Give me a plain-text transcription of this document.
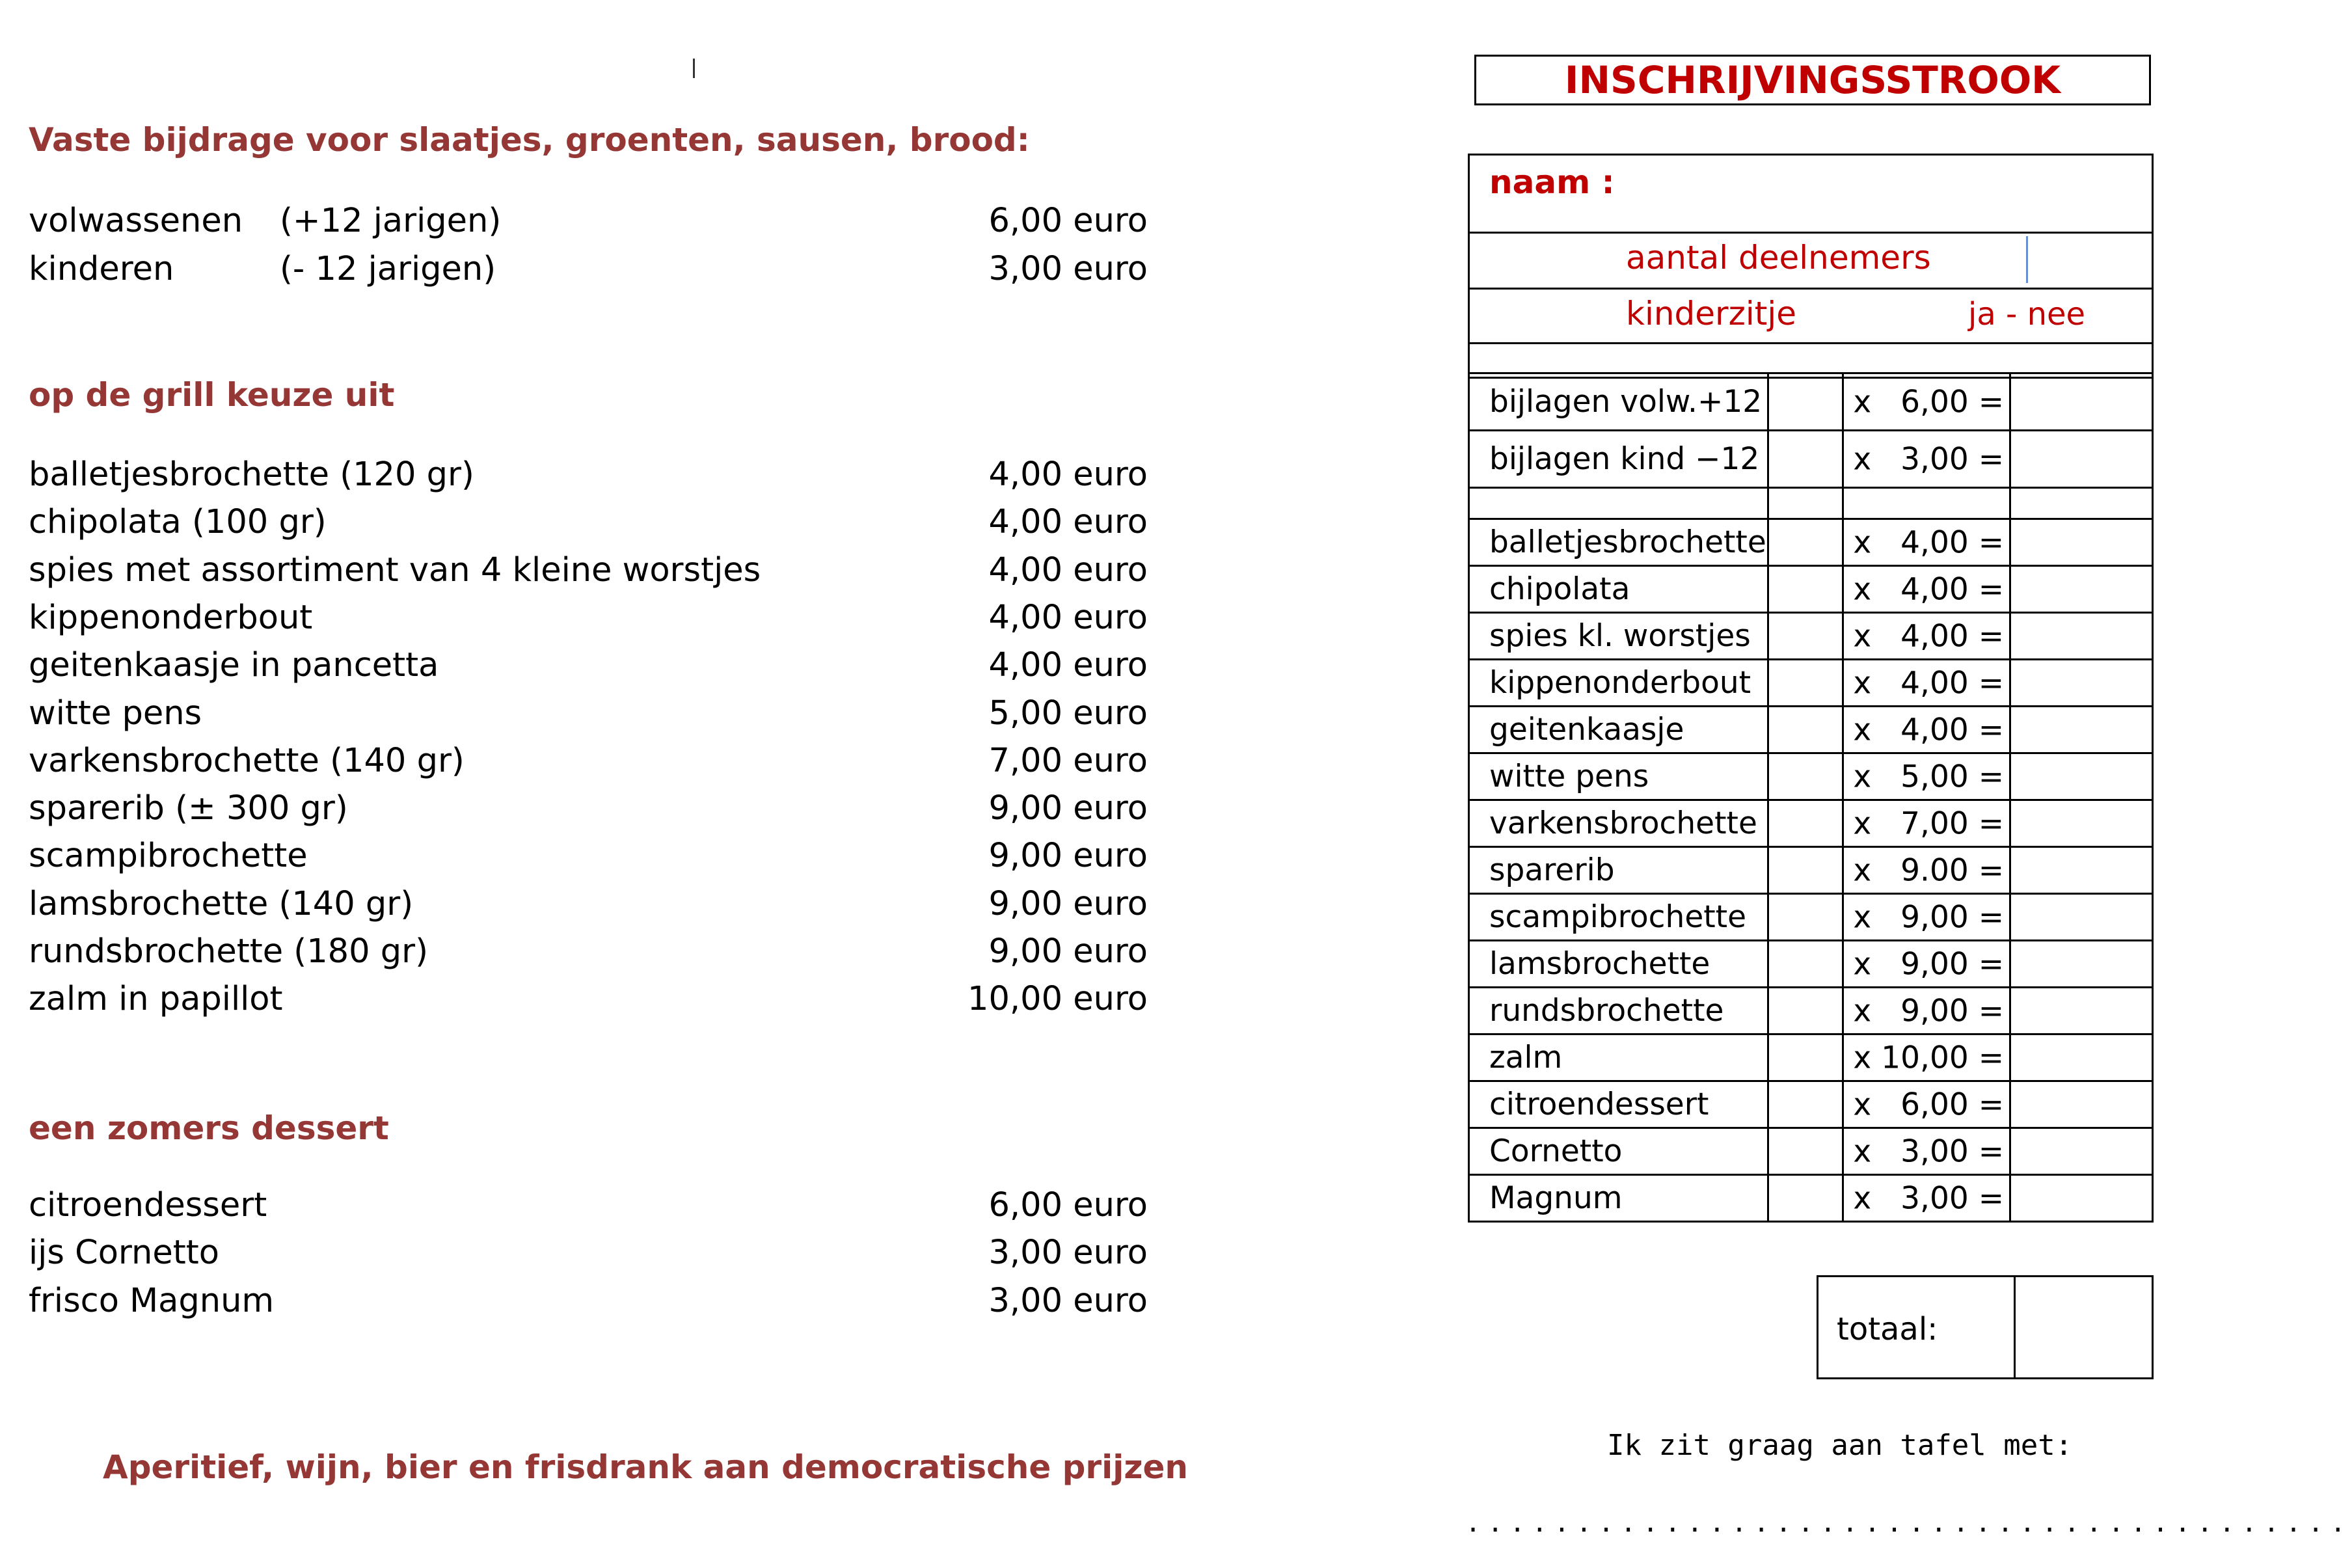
Vaste bijdrage voor slaatjes, groenten, sausen, brood:
volwassenen (+12 jarigen)	6,00 euro
kinderen	(- 12 jarigen)	3,00 euro
op de grill keuze uit
balletjesbrochette (120 gr)	4,00 euro
chipolata (100 gr)	4,00 euro
spies met assortiment van 4 kleine worstjes	4,00 euro
kippenonderbout	4,00 euro
geitenkaasje in pancetta	4,00 euro
witte pens	5,00 euro
varkensbrochette (140 gr)	7,00 euro
sparerib (± 300 gr)	9,00 euro
scampibrochette	9,00 euro
lamsbrochette (140 gr)	9,00 euro
rundsbrochette (180 gr)	9,00 euro
zalm in papillot	10,00 euro
een zomers dessert
citroendessert	6,00 euro
ijs Cornetto	3,00 euro
frisco Magnum	3,00 euro
Aperitief, wijn, bier en frisdrank aan democratische prijzen
INSCHRIJVINGSSTROOK
naam :
aantal deelnemers
kinderzitje	ja - nee
bijlagen volw.+12		x 6,00 =	

bijlagen kind −12		x 3,00 =	

balletjesbrochette		x 4,00 =	

chipolata		x 4,00 =	

spies kl. worstjes		x 4,00 =	

kippenonderbout		x 4,00 =	

geitenkaasje		x 4,00 =	

witte pens		x 5,00 =	

varkensbrochette		x 7,00 =	

sparerib		x 9.00 =	

scampibrochette		x 9,00 =	

lamsbrochette		x 9,00 =	

rundsbrochette		x 9,00 =	

zalm		x 10,00 =	

citroendessert		x 6,00 =	

Cornetto		x 3,00 =	

Magnum		x 3,00 =	

totaal:
Ik zit graag aan tafel met:
........................................
